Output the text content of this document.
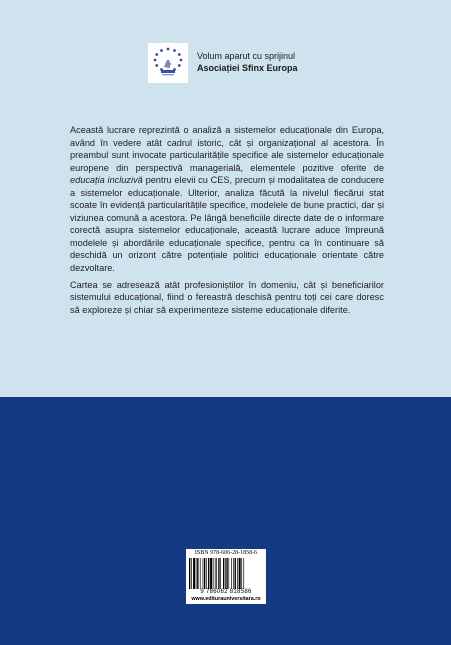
Volum aparut cu sprijinul
Asociației Sfinx Europa

Această lucrare reprezintă o analiză a sistemelor educaționale din Europa, având în vedere atât cadrul istoric, cât și organizațional al acestora. În preambul sunt invocate particularitățile specifice ale sistemelor educaționale europene din perspectivă managerială, elementele pozitive oferite de educația incluzivă pentru elevii cu CES, precum și modalitatea de conducere a sistemelor educaționale. Ulterior, analiza făcută la nivelul fiecărui stat scoate în evidență particularitățile specifice, modelele de bune practici, dar și viziunea comună a acestora. Pe lângă beneficiile directe date de o informare corectă asupra sistemelor educaționale, această lucrare aduce împreună modelele și abordările educaționale specifice, pentru ca în continuare să deschidă un orizont către potențiale politici educaționale orientate către dezvoltare.

Cartea se adresează atât profesioniștilor în domeniu, cât și beneficiarilor sistemului educațional, fiind o fereastră deschisă pentru toți cei care doresc să exploreze și chiar să experimenteze sisteme educaționale diferite.

ISBN 978-606-28-1858-6
9 786062 818586
www.editurauniversitara.ro
